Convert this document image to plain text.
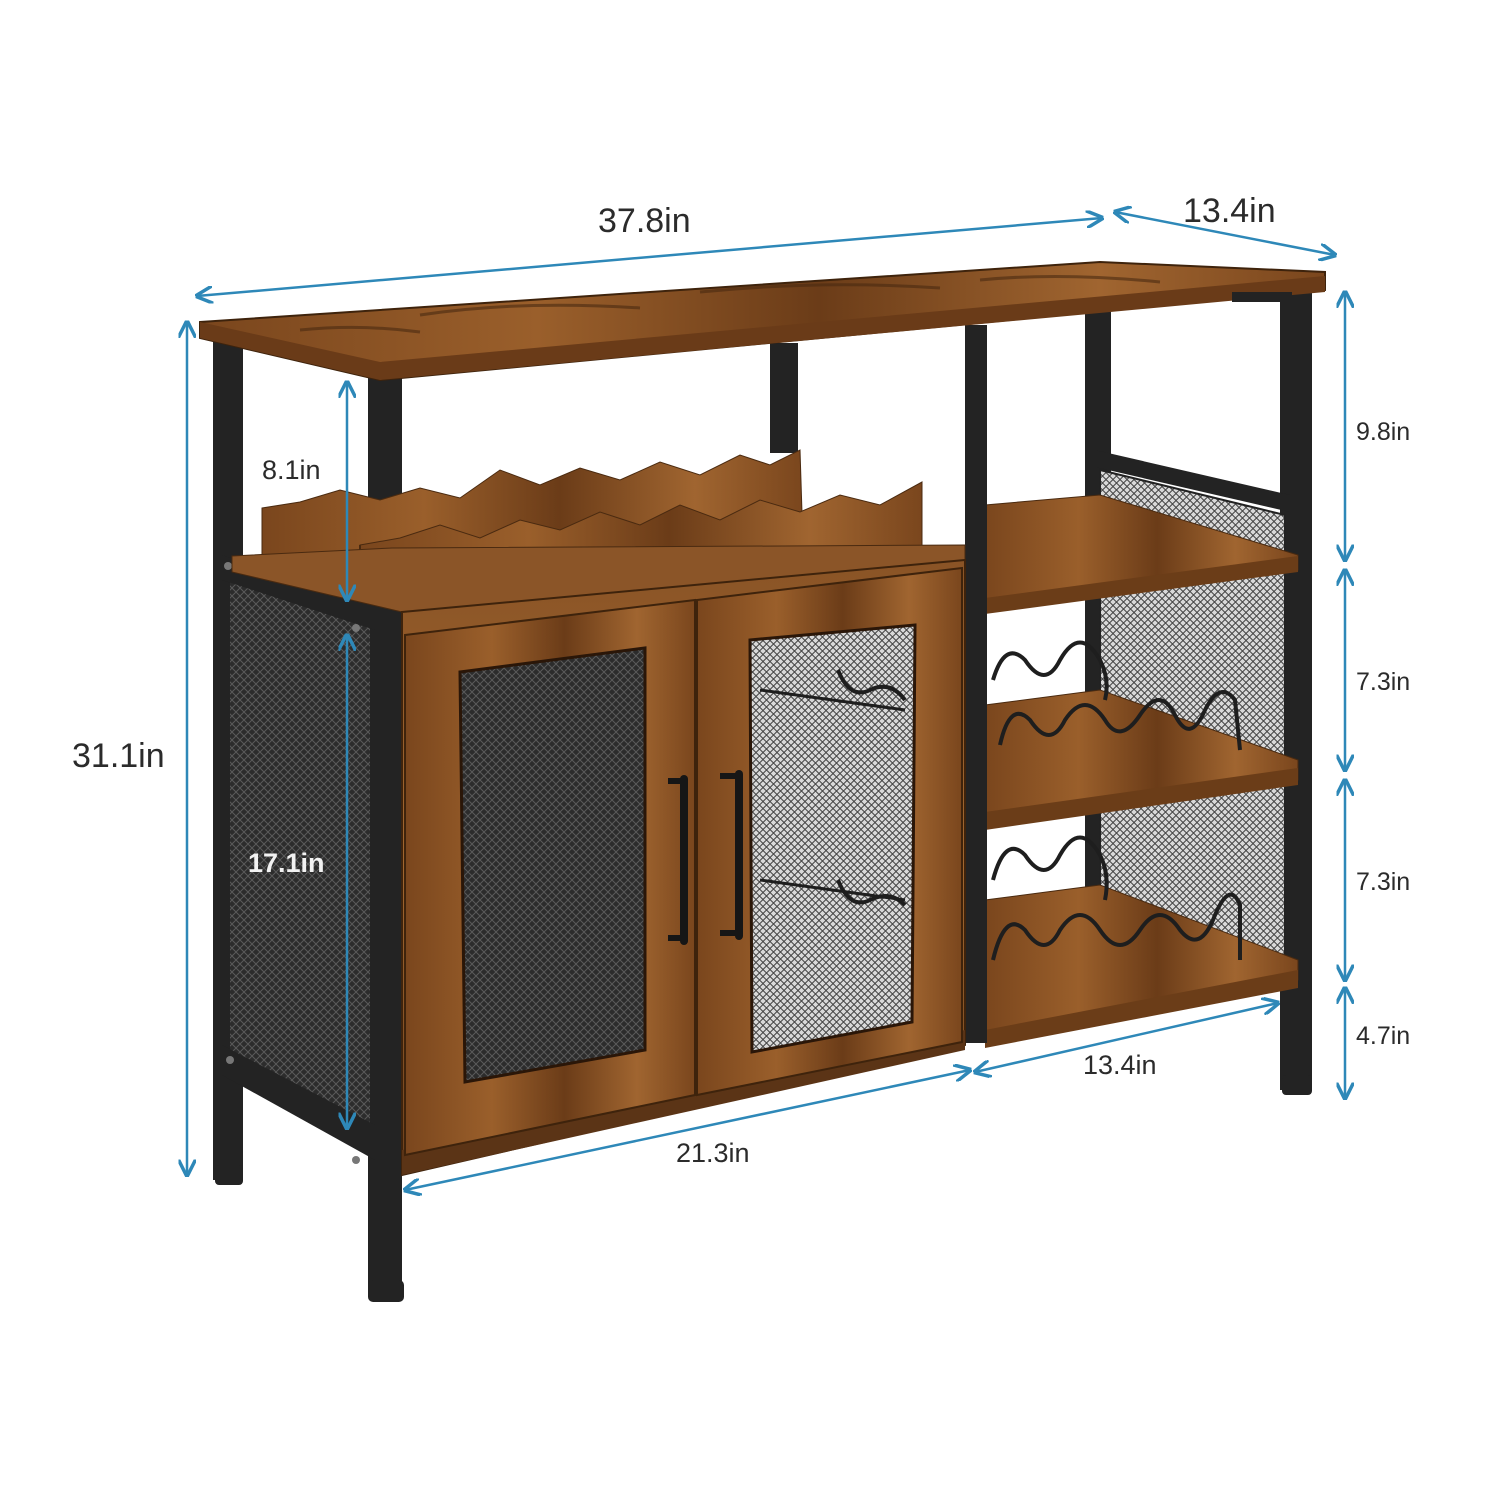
37.8in	13.4in
31.1in
8.1in
17.1in
21.3in
13.4in
9.8in
7.3in
7.3in
4.7in
